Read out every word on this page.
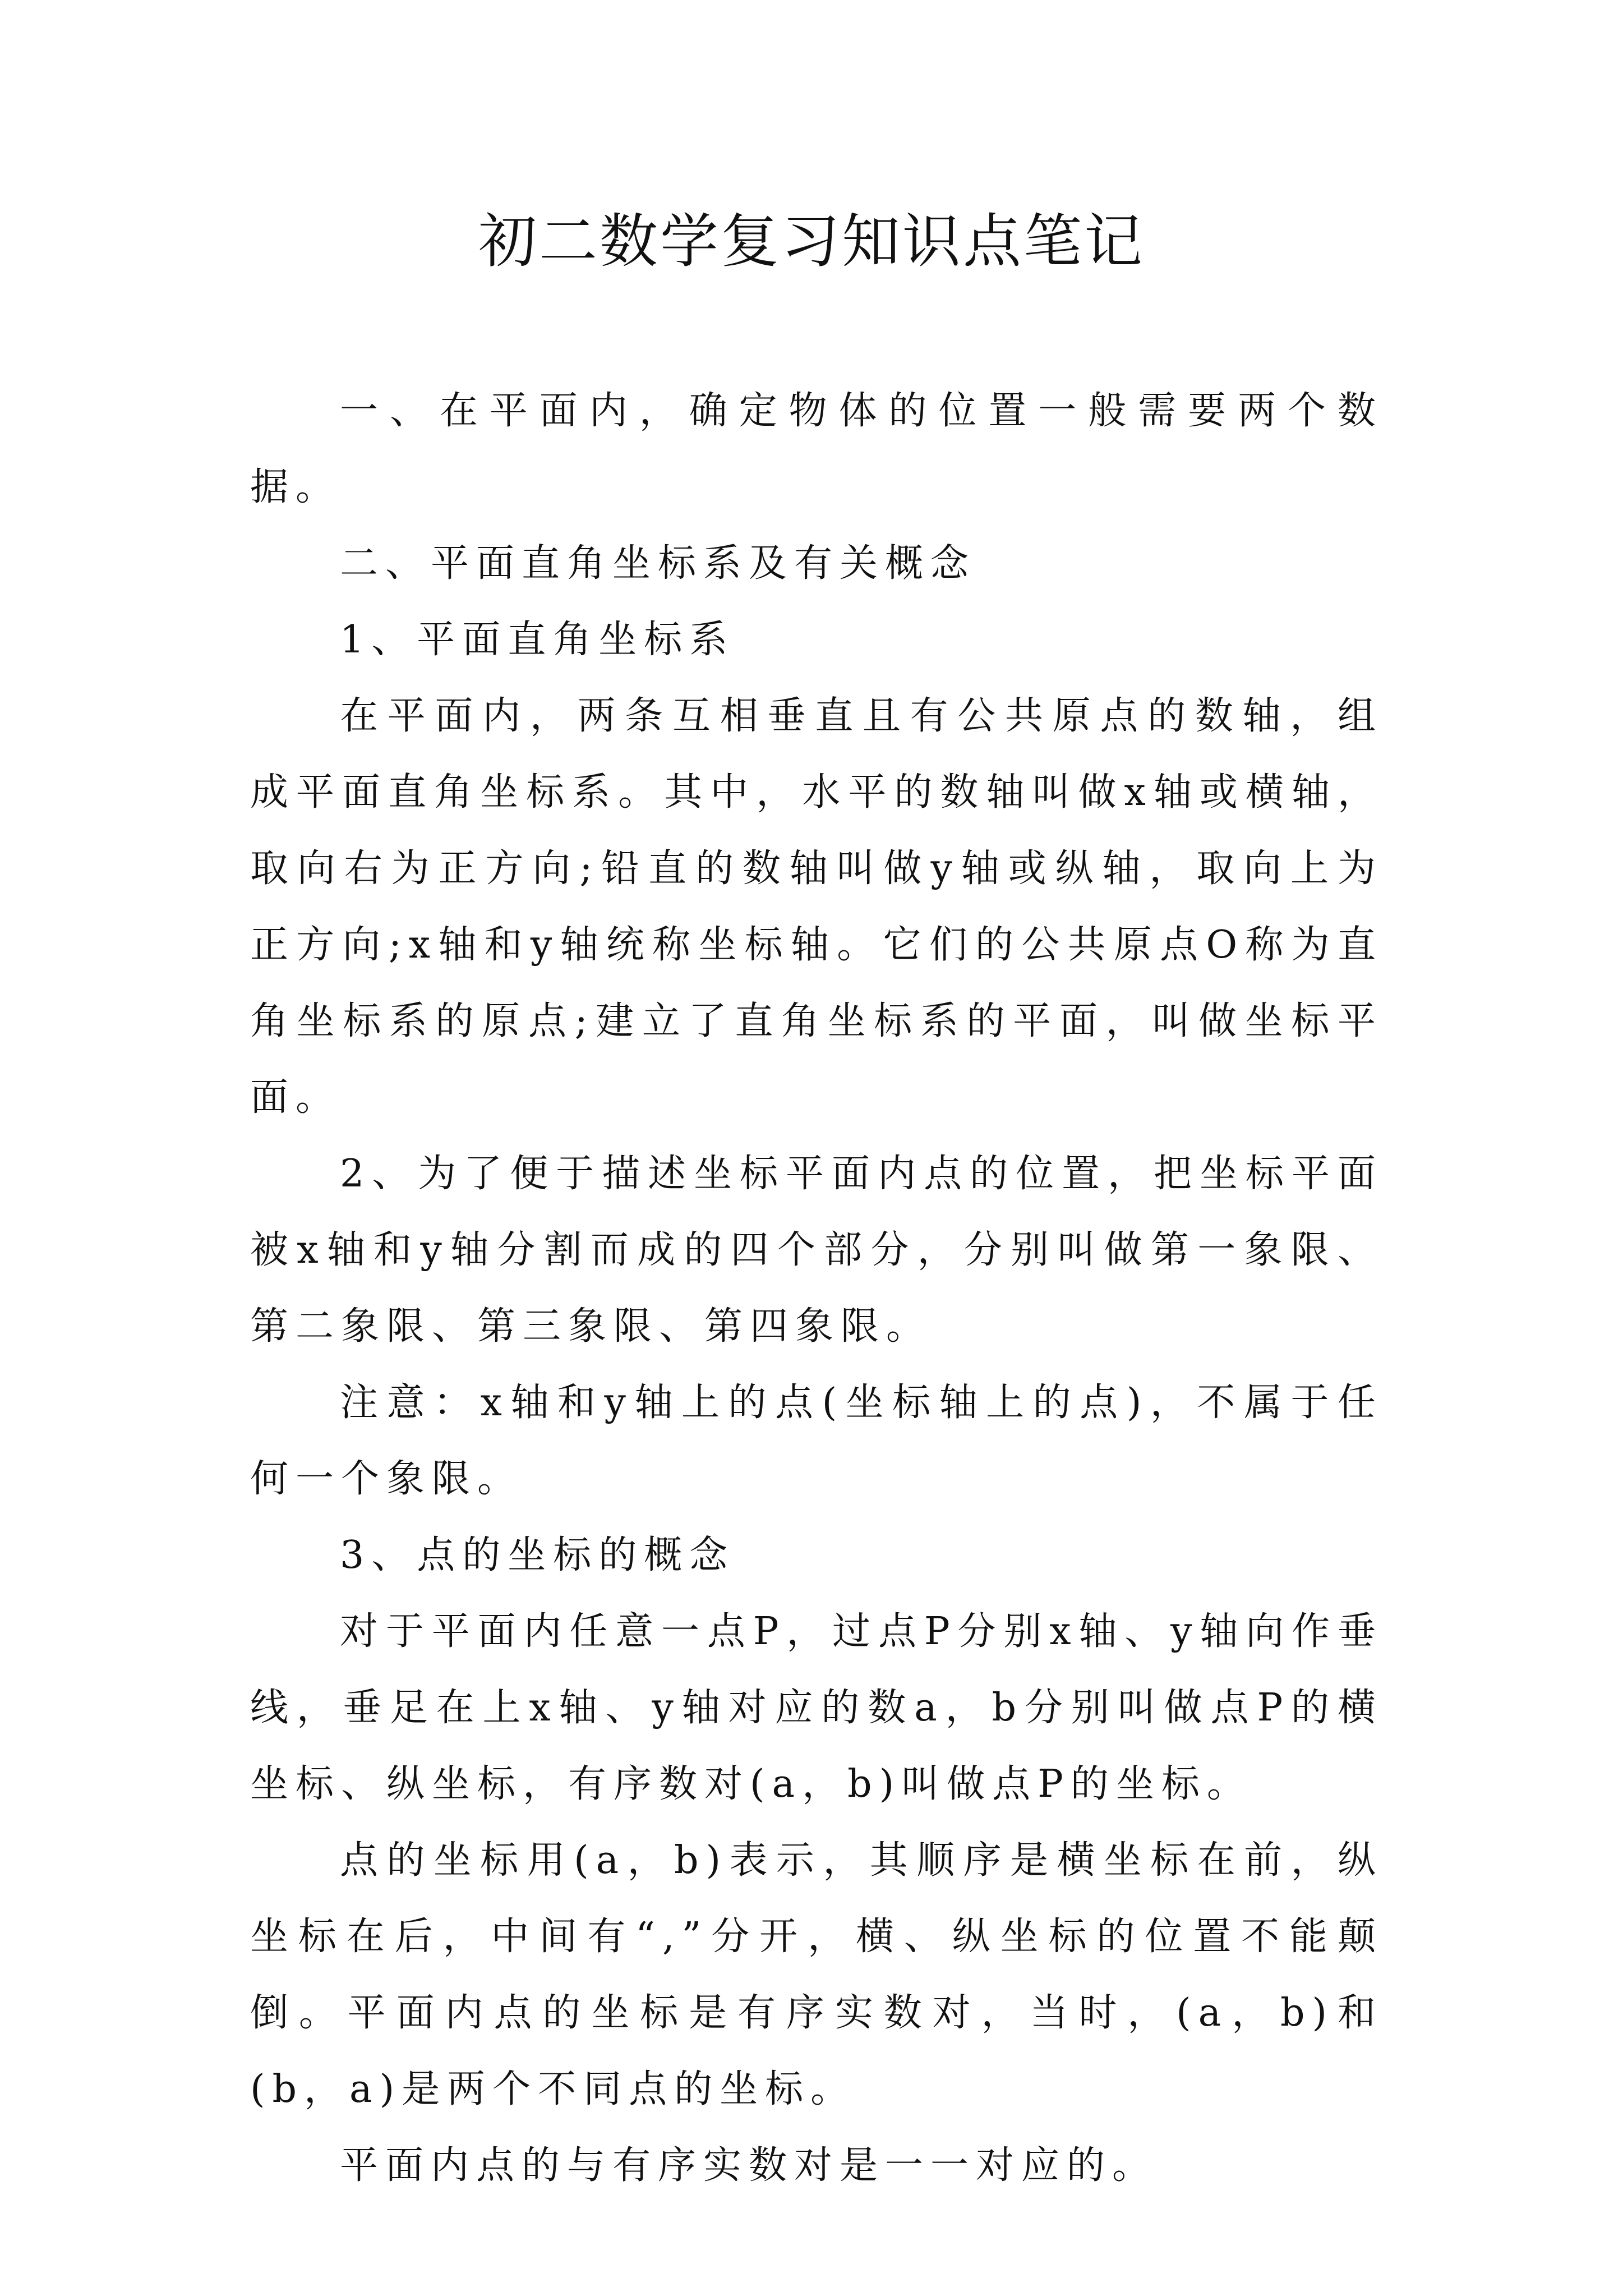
初二数学复习知识点笔记

一、在平面内，确定物体的位置一般需要两个数据。

二、平面直角坐标系及有关概念

1、平面直角坐标系

在平面内，两条互相垂直且有公共原点的数轴，组成平面直角坐标系。其中，水平的数轴叫做x轴或横轴，取向右为正方向;铅直的数轴叫做y轴或纵轴，取向上为正方向;x轴和y轴统称坐标轴。它们的公共原点O称为直角坐标系的原点;建立了直角坐标系的平面，叫做坐标平面。

2、为了便于描述坐标平面内点的位置，把坐标平面被x轴和y轴分割而成的四个部分，分别叫做第一象限、第二象限、第三象限、第四象限。

注意：x轴和y轴上的点(坐标轴上的点)，不属于任何一个象限。

3、点的坐标的概念

对于平面内任意一点P，过点P分别x轴、y轴向作垂线，垂足在上x轴、y轴对应的数a，b分别叫做点P的横坐标、纵坐标，有序数对(a，b)叫做点P的坐标。

点的坐标用(a，b)表示，其顺序是横坐标在前，纵坐标在后，中间有“,”分开，横、纵坐标的位置不能颠倒。平面内点的坐标是有序实数对，当时，(a，b)和(b，a)是两个不同点的坐标。

平面内点的与有序实数对是一一对应的。
